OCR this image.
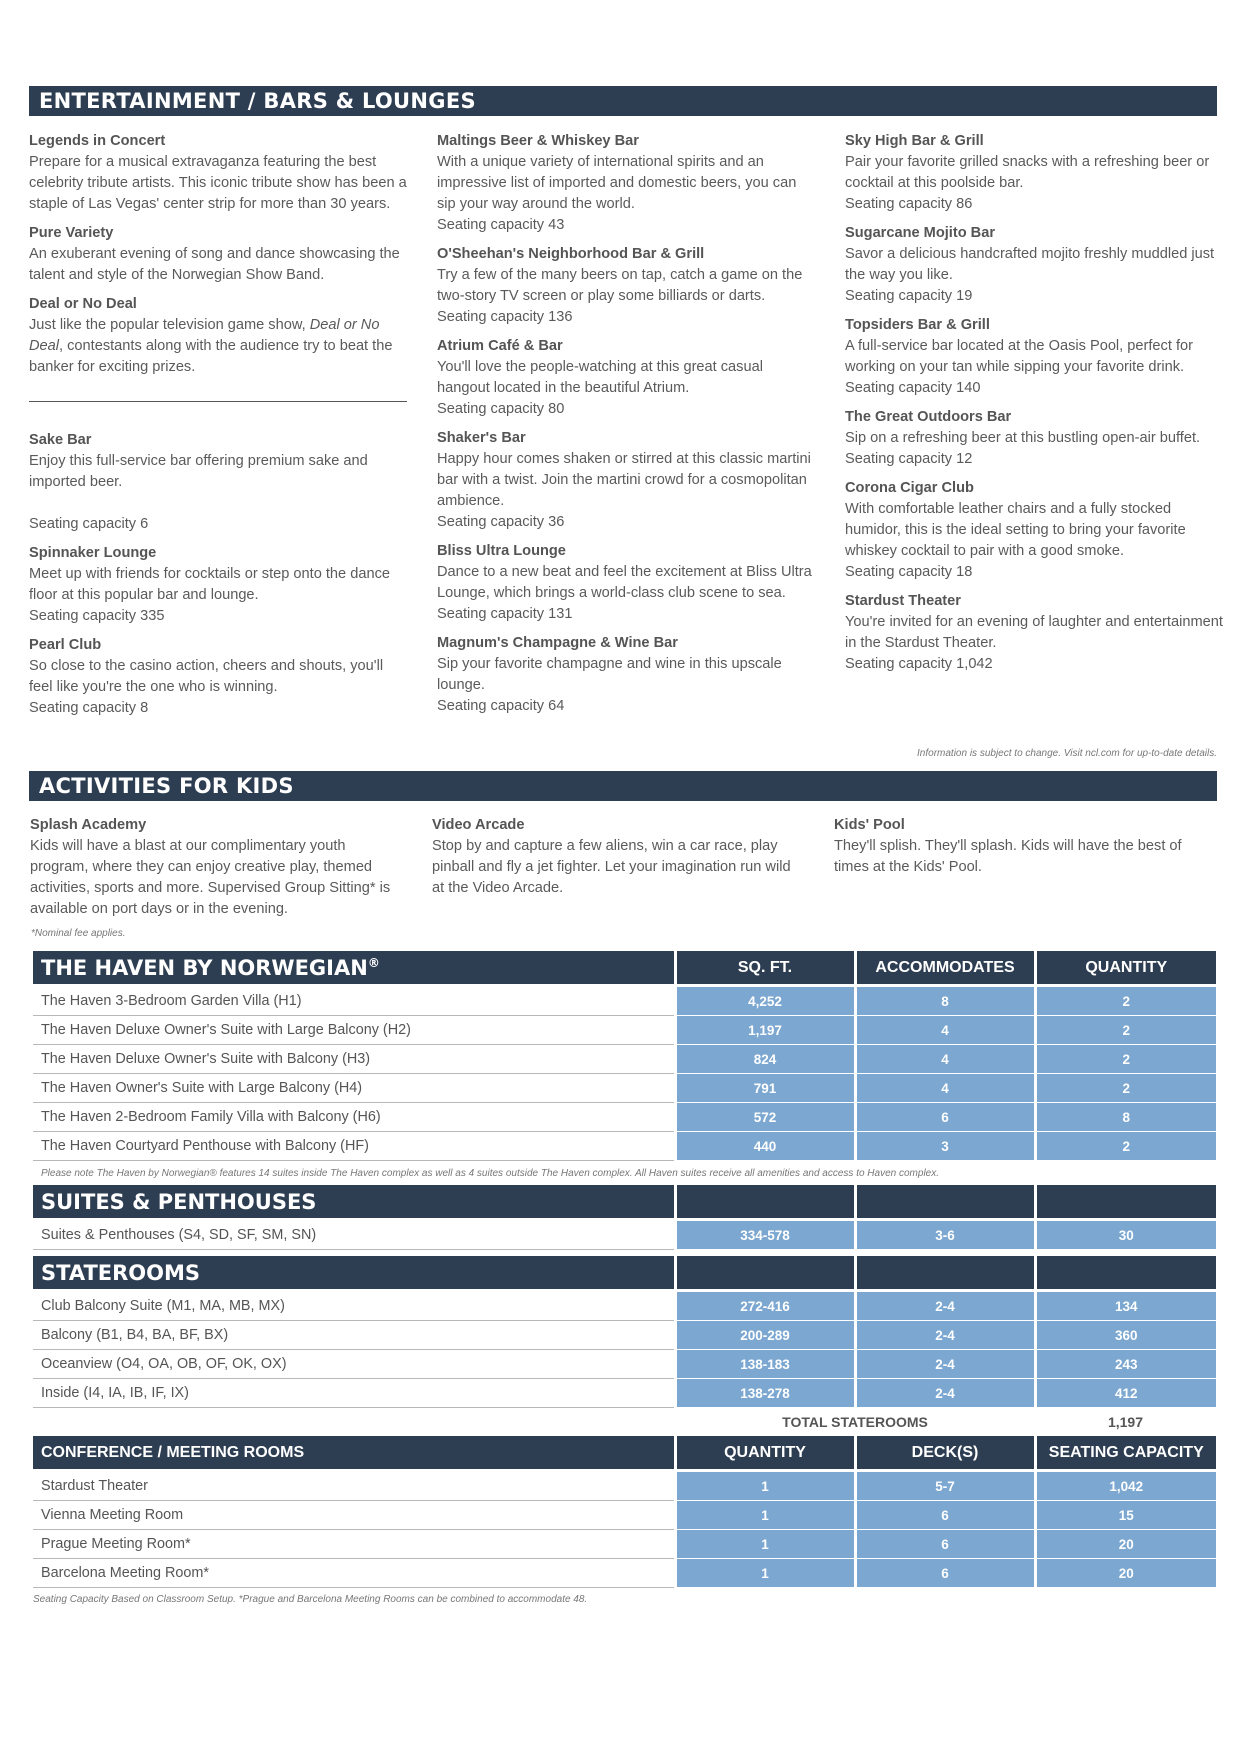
ENTERTAINMENT / BARS & LOUNGES
Legends in Concert
Prepare for a musical extravaganza featuring the best celebrity tribute artists. This iconic tribute show has been a staple of Las Vegas' center strip for more than 30 years.
Pure Variety
An exuberant evening of song and dance showcasing the talent and style of the Norwegian Show Band.
Deal or No Deal
Just like the popular television game show, Deal or No Deal, contestants along with the audience try to beat the banker for exciting prizes.
Sake Bar
Enjoy this full-service bar offering premium sake and imported beer.
Seating capacity 6
Spinnaker Lounge
Meet up with friends for cocktails or step onto the dance floor at this popular bar and lounge.
Seating capacity 335
Pearl Club
So close to the casino action, cheers and shouts, you'll feel like you're the one who is winning.
Seating capacity 8
Maltings Beer & Whiskey Bar
With a unique variety of international spirits and an impressive list of imported and domestic beers, you can sip your way around the world.
Seating capacity 43
O'Sheehan's Neighborhood Bar & Grill
Try a few of the many beers on tap, catch a game on the two-story TV screen or play some billiards or darts.
Seating capacity 136
Atrium Café & Bar
You'll love the people-watching at this great casual hangout located in the beautiful Atrium.
Seating capacity 80
Shaker's Bar
Happy hour comes shaken or stirred at this classic martini bar with a twist. Join the martini crowd for a cosmopolitan ambience.
Seating capacity 36
Bliss Ultra Lounge
Dance to a new beat and feel the excitement at Bliss Ultra Lounge, which brings a world-class club scene to sea.
Seating capacity 131
Magnum's Champagne & Wine Bar
Sip your favorite champagne and wine in this upscale lounge.
Seating capacity 64
Sky High Bar & Grill
Pair your favorite grilled snacks with a refreshing beer or cocktail at this poolside bar.
Seating capacity 86
Sugarcane Mojito Bar
Savor a delicious handcrafted mojito freshly muddled just the way you like.
Seating capacity 19
Topsiders Bar & Grill
A full-service bar located at the Oasis Pool, perfect for working on your tan while sipping your favorite drink.
Seating capacity 140
The Great Outdoors Bar
Sip on a refreshing beer at this bustling open-air buffet.
Seating capacity 12
Corona Cigar Club
With comfortable leather chairs and a fully stocked humidor, this is the ideal setting to bring your favorite whiskey cocktail to pair with a good smoke.
Seating capacity 18
Stardust Theater
You're invited for an evening of laughter and entertainment in the Stardust Theater.
Seating capacity 1,042
Information is subject to change. Visit ncl.com for up-to-date details.
ACTIVITIES FOR KIDS
Splash Academy
Kids will have a blast at our complimentary youth program, where they can enjoy creative play, themed activities, sports and more. Supervised Group Sitting* is available on port days or in the evening.
Video Arcade
Stop by and capture a few aliens, win a car race, play pinball and fly a jet fighter. Let your imagination run wild at the Video Arcade.
Kids' Pool
They'll splish. They'll splash. Kids will have the best of times at the Kids' Pool.
*Nominal fee applies.
THE HAVEN BY NORWEGIAN®	SQ. FT.	ACCOMMODATES	QUANTITY
The Haven 3-Bedroom Garden Villa (H1)	4,252	8	2
The Haven Deluxe Owner's Suite with Large Balcony (H2)	1,197	4	2
The Haven Deluxe Owner's Suite with Balcony (H3)	824	4	2
The Haven Owner's Suite with Large Balcony (H4)	791	4	2
The Haven 2-Bedroom Family Villa with Balcony (H6)	572	6	8
The Haven Courtyard Penthouse with Balcony (HF)	440	3	2
Please note The Haven by Norwegian® features 14 suites inside The Haven complex as well as 4 suites outside The Haven complex. All Haven suites receive all amenities and access to Haven complex.			
SUITES & PENTHOUSES			
Suites & Penthouses (S4, SD, SF, SM, SN)	334-578	3-6	30

STATEROOMS			
Club Balcony Suite (M1, MA, MB, MX)	272-416	2-4	134
Balcony (B1, B4, BA, BF, BX)	200-289	2-4	360
Oceanview (O4, OA, OB, OF, OK, OX)	138-183	2-4	243
Inside (I4, IA, IB, IF, IX)	138-278	2-4	412
	TOTAL STATEROOMS		1,197
CONFERENCE / MEETING ROOMS	QUANTITY	DECK(S)	SEATING CAPACITY
Stardust Theater	1	5-7	1,042
Vienna Meeting Room	1	6	15
Prague Meeting Room*	1	6	20
Barcelona Meeting Room*	1	6	20
Seating Capacity Based on Classroom Setup. *Prague and Barcelona Meeting Rooms can be combined to accommodate 48.			
